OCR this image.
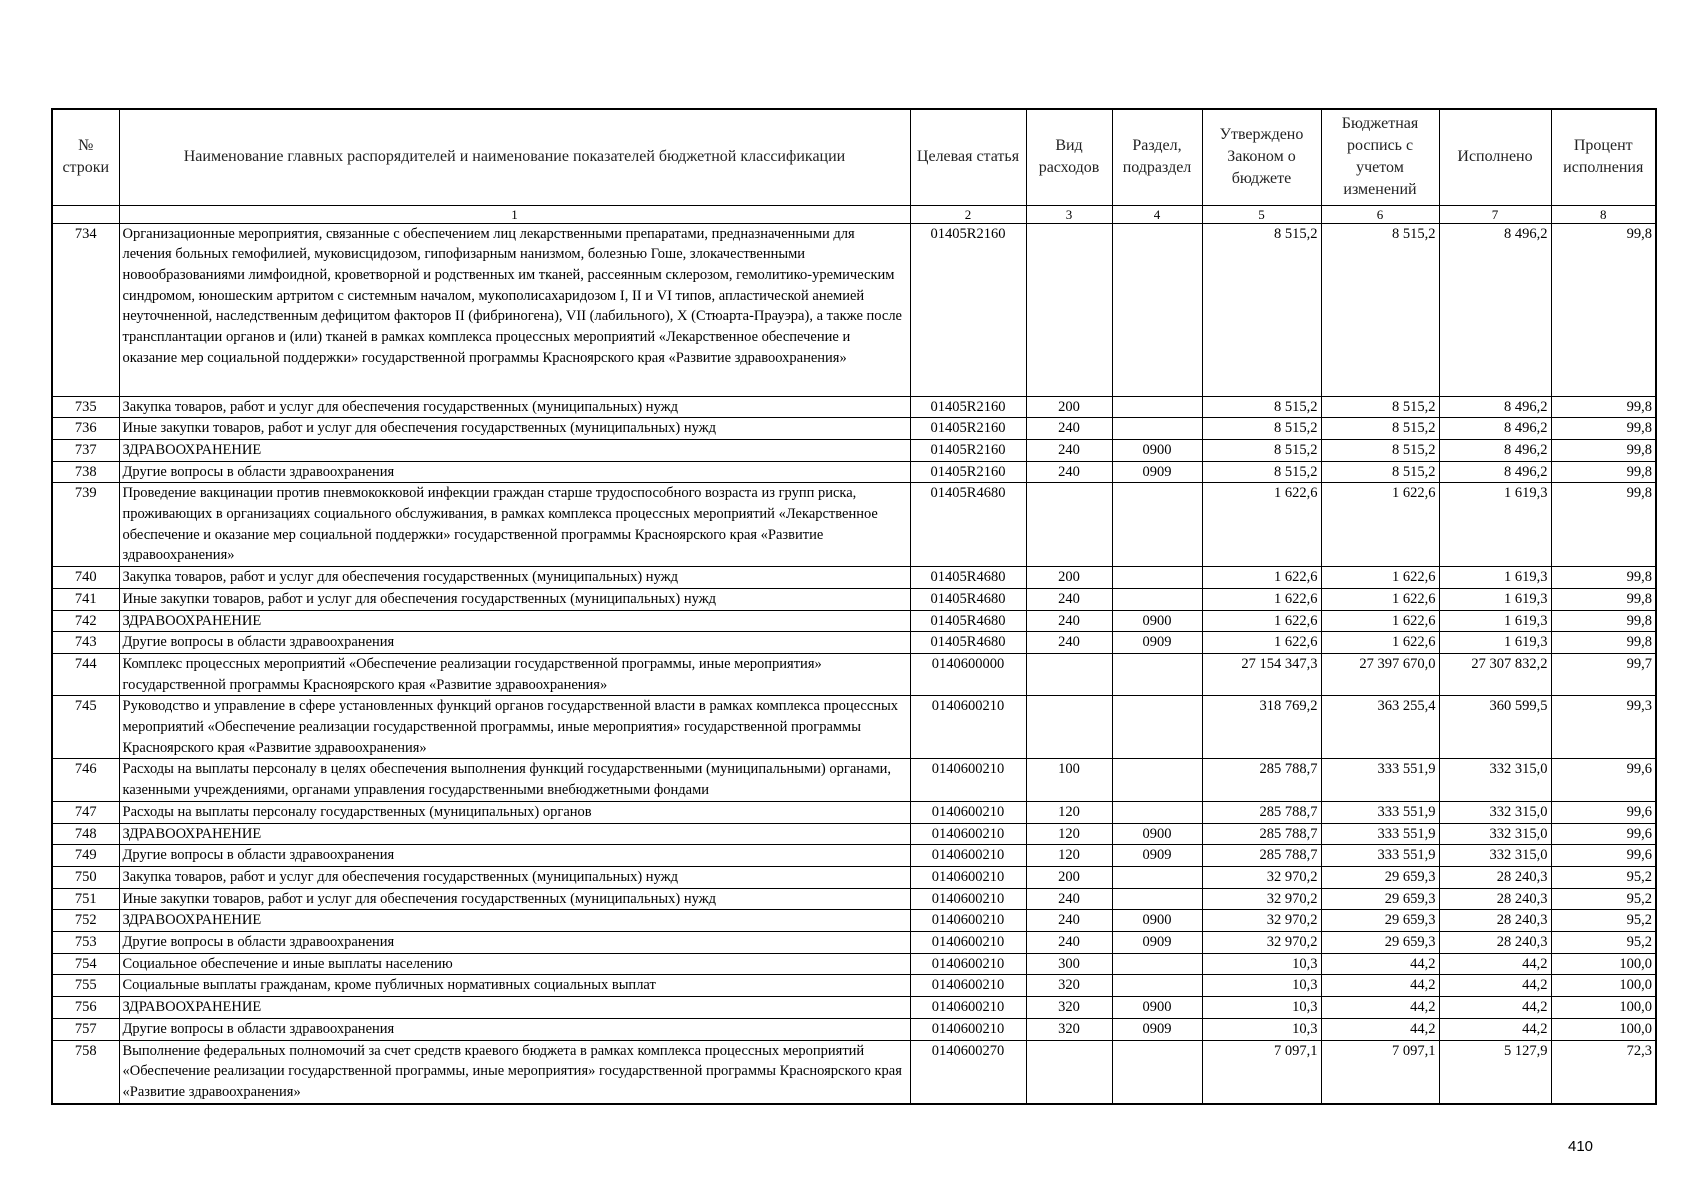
№ строки	Наименование главных распорядителей и наименование показателей бюджетной классификации	Целевая статья	Вид расходов	Раздел, подраздел	Утверждено Законом о бюджете	Бюджетная роспись с учетом изменений	Исполнено	Процент исполнения
	1	2	3	4	5	6	7	8
734	Организационные мероприятия, связанные с обеспечением лиц лекарственными препаратами, предназначенными для лечения больных гемофилией, муковисцидозом, гипофизарным нанизмом, болезнью Гоше, злокачественными новообразованиями лимфоидной, кроветворной и родственных им тканей, рассеянным склерозом, гемолитико-уремическим синдромом, юношеским артритом с системным началом, мукополисахаридозом I, II и VI типов, апластической анемией неуточненной, наследственным дефицитом факторов II (фибриногена), VII (лабильного), X (Стюарта-Прауэра), а также после трансплантации органов и (или) тканей в рамках комплекса процессных мероприятий «Лекарственное обеспечение и оказание мер социальной поддержки» государственной программы Красноярского края «Развитие здравоохранения»	01405R2160			8 515,2	8 515,2	8 496,2	99,8
735	Закупка товаров, работ и услуг для обеспечения государственных (муниципальных) нужд	01405R2160	200		8 515,2	8 515,2	8 496,2	99,8
736	Иные закупки товаров, работ и услуг для обеспечения государственных (муниципальных) нужд	01405R2160	240		8 515,2	8 515,2	8 496,2	99,8
737	ЗДРАВООХРАНЕНИЕ	01405R2160	240	0900	8 515,2	8 515,2	8 496,2	99,8
738	Другие вопросы в области здравоохранения	01405R2160	240	0909	8 515,2	8 515,2	8 496,2	99,8
739	Проведение вакцинации против пневмококковой инфекции граждан старше трудоспособного возраста из групп риска, проживающих в организациях социального обслуживания, в рамках комплекса процессных мероприятий «Лекарственное обеспечение и оказание мер социальной поддержки» государственной программы Красноярского края «Развитие здравоохранения»	01405R4680			1 622,6	1 622,6	1 619,3	99,8
740	Закупка товаров, работ и услуг для обеспечения государственных (муниципальных) нужд	01405R4680	200		1 622,6	1 622,6	1 619,3	99,8
741	Иные закупки товаров, работ и услуг для обеспечения государственных (муниципальных) нужд	01405R4680	240		1 622,6	1 622,6	1 619,3	99,8
742	ЗДРАВООХРАНЕНИЕ	01405R4680	240	0900	1 622,6	1 622,6	1 619,3	99,8
743	Другие вопросы в области здравоохранения	01405R4680	240	0909	1 622,6	1 622,6	1 619,3	99,8
744	Комплекс процессных мероприятий «Обеспечение реализации государственной программы, иные мероприятия» государственной программы Красноярского края «Развитие здравоохранения»	0140600000			27 154 347,3	27 397 670,0	27 307 832,2	99,7
745	Руководство и управление в сфере установленных функций органов государственной власти в рамках комплекса процессных мероприятий «Обеспечение реализации государственной программы, иные мероприятия» государственной программы Красноярского края «Развитие здравоохранения»	0140600210			318 769,2	363 255,4	360 599,5	99,3
746	Расходы на выплаты персоналу в целях обеспечения выполнения функций государственными (муниципальными) органами, казенными учреждениями, органами управления государственными внебюджетными фондами	0140600210	100		285 788,7	333 551,9	332 315,0	99,6
747	Расходы на выплаты персоналу государственных (муниципальных) органов	0140600210	120		285 788,7	333 551,9	332 315,0	99,6
748	ЗДРАВООХРАНЕНИЕ	0140600210	120	0900	285 788,7	333 551,9	332 315,0	99,6
749	Другие вопросы в области здравоохранения	0140600210	120	0909	285 788,7	333 551,9	332 315,0	99,6
750	Закупка товаров, работ и услуг для обеспечения государственных (муниципальных) нужд	0140600210	200		32 970,2	29 659,3	28 240,3	95,2
751	Иные закупки товаров, работ и услуг для обеспечения государственных (муниципальных) нужд	0140600210	240		32 970,2	29 659,3	28 240,3	95,2
752	ЗДРАВООХРАНЕНИЕ	0140600210	240	0900	32 970,2	29 659,3	28 240,3	95,2
753	Другие вопросы в области здравоохранения	0140600210	240	0909	32 970,2	29 659,3	28 240,3	95,2
754	Социальное обеспечение и иные выплаты населению	0140600210	300		10,3	44,2	44,2	100,0
755	Социальные выплаты гражданам, кроме публичных нормативных социальных выплат	0140600210	320		10,3	44,2	44,2	100,0
756	ЗДРАВООХРАНЕНИЕ	0140600210	320	0900	10,3	44,2	44,2	100,0
757	Другие вопросы в области здравоохранения	0140600210	320	0909	10,3	44,2	44,2	100,0
758	Выполнение федеральных полномочий за счет средств краевого бюджета в рамках комплекса процессных мероприятий «Обеспечение реализации государственной программы, иные мероприятия» государственной программы Красноярского края «Развитие здравоохранения»	0140600270			7 097,1	7 097,1	5 127,9	72,3
410
